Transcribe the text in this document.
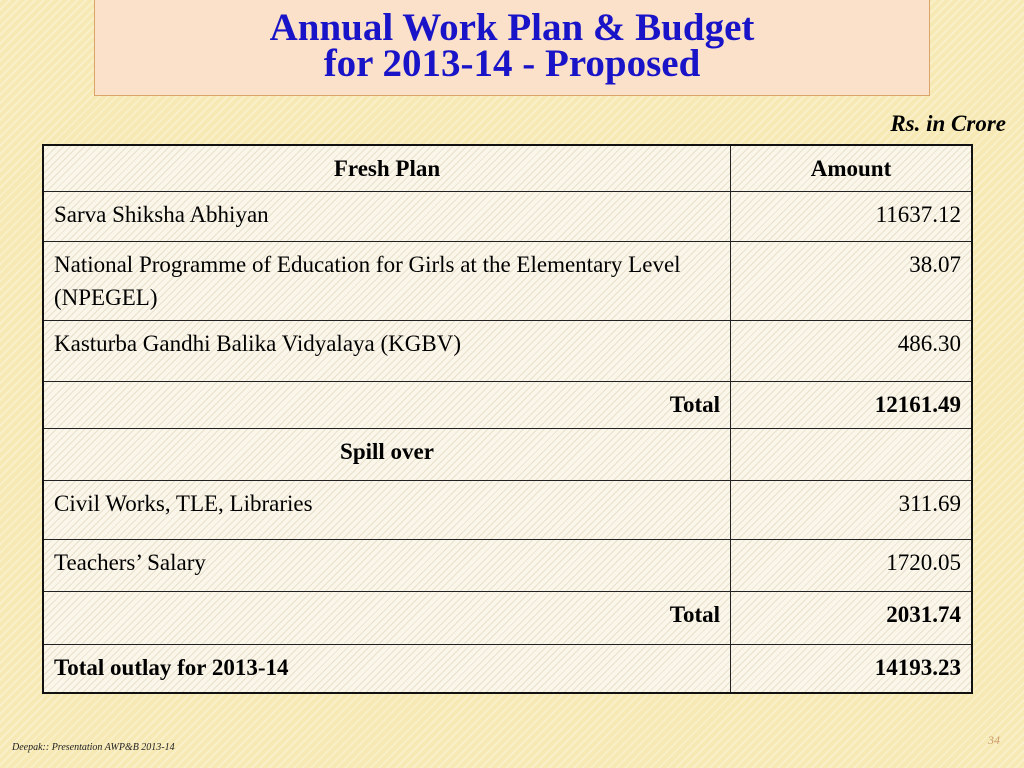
Annual Work Plan & Budget
for 2013-14 - Proposed
Rs. in Crore
Fresh Plan	Amount
Sarva Shiksha Abhiyan	11637.12
National Programme of Education for Girls at the Elementary Level (NPEGEL)	38.07
Kasturba Gandhi Balika Vidyalaya (KGBV)	486.30
Total	12161.49
Spill over	
Civil Works, TLE, Libraries	311.69
Teachers’ Salary	1720.05
Total	2031.74
Total outlay for 2013-14	14193.23
Deepak:: Presentation AWP&B 2013-14
34
